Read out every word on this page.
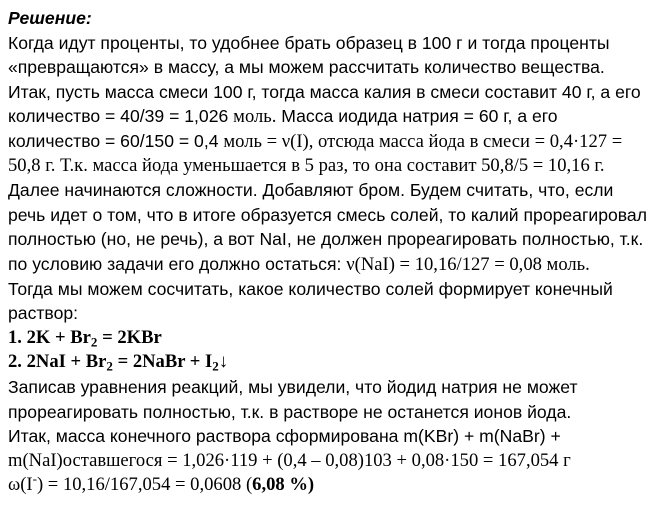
Решение:
Когда идут проценты, то удобнее брать образец в 100 г и тогда проценты
«превращаются» в массу, а мы можем рассчитать количество вещества.
Итак, пусть масса смеси 100 г, тогда масса калия в смеси составит 40 г, а его
количество = 40/39 = 1,026 моль. Масса иодида натрия = 60 г, а его
количество = 60/150 = 0,4 моль = ν(I), отсюда масса йода в смеси = 0,4·127 =
50,8 г. Т.к. масса йода уменьшается в 5 раз, то она составит 50,8/5 = 10,16 г.
Далее начинаются сложности. Добавляют бром. Будем считать, что, если
речь идет о том, что в итоге образуется смесь солей, то калий прореагировал
полностью (но, не речь), а вот NaI, не должен прореагировать полностью, т.к.
по условию задачи его должно остаться: ν(NaI) = 10,16/127 = 0,08 моль.
Тогда мы можем сосчитать, какое количество солей формирует конечный
раствор:
1. $2K + Br_2 = 2KBr$
2. $2NaI + Br_2$ = 2NaBr + $I_2↓$
Записав уравнения реакций, мы увидели, что йодид натрия не может
прореагировать полностью, т.к. в растворе не останется ионов йода.
Итак, масса конечного раствора сформирована m(KBr) + m(NaBr) +
m(NaI)оставшегося = 1,026·119 + (0,4 – 0,08)103 + 0,08·150 = 167,054 г
ω(I-) = 10,16/167,054 = 0,0608 (6,08 %)
